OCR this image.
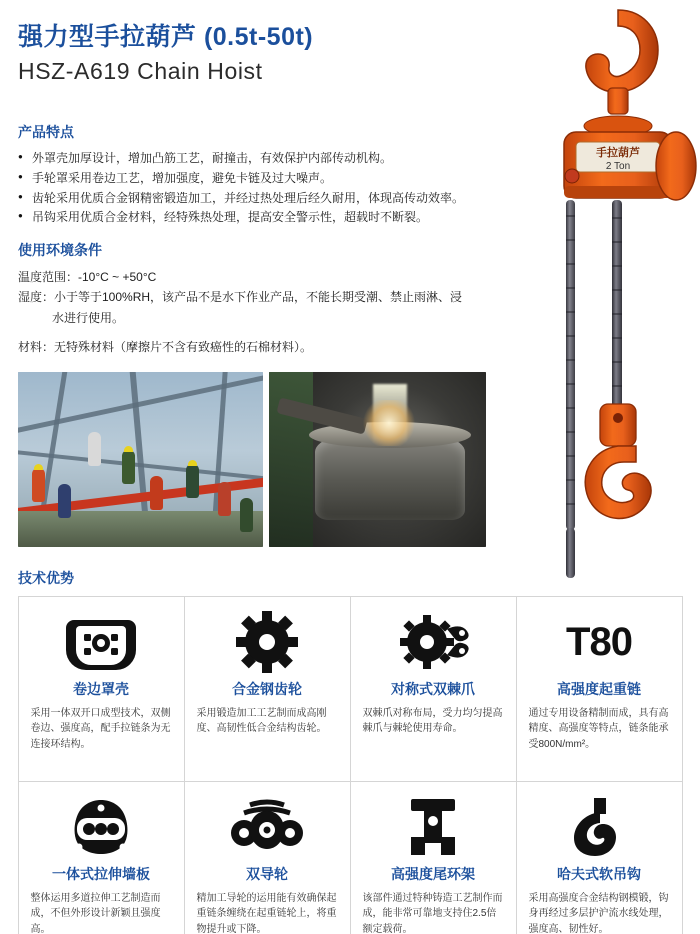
强力型手拉葫芦 (0.5t-50t)
HSZ-A619 Chain Hoist
产品特点
● 外罩壳加厚设计，增加凸筋工艺，耐撞击，有效保护内部传动机构。
● 手轮罩采用卷边工艺，增加强度，避免卡链及过大噪声。
● 齿轮采用优质合金钢精密锻造加工，并经过热处理后经久耐用，体现高传动效率。
● 吊钩采用优质合金材料，经特殊热处理，提高安全警示性，超载时不断裂。
使用环境条件
温度范围：-10°C ~ +50°C
湿度：小于等于100%RH，该产品不是水下作业产品，不能长期受潮、禁止雨淋、浸
水进行使用。
材料：无特殊材料（摩擦片不含有致癌性的石棉材料）。
手拉葫芦
2 Ton
技术优势
卷边罩壳
采用一体双开口成型技术，双侧卷边、强度高，配手拉链条为无连接环结构。
合金钢齿轮
采用锻造加工工艺制而成高刚度、高韧性低合金结构齿轮。
对称式双棘爪
双棘爪对称布局，受力均匀提高棘爪与棘轮使用寿命。
T80
高强度起重链
通过专用设备精制而成，具有高精度、高强度等特点，链条能承受800N/mm²。
一体式拉伸墙板
整体运用多道拉伸工艺制造而成，不但外形设计新颖且强度高。
双导轮
精加工导轮的运用能有效确保起重链条缠绕在起重链轮上，将重物提升或下降。
高强度尾环架
该部件通过特种铸造工艺制作而成，能非常可靠地支持住2.5倍额定载荷。
哈夫式软吊钩
采用高强度合金结构钢模锻，钩身再经过多层护沪流水线处理，强度高、韧性好。
